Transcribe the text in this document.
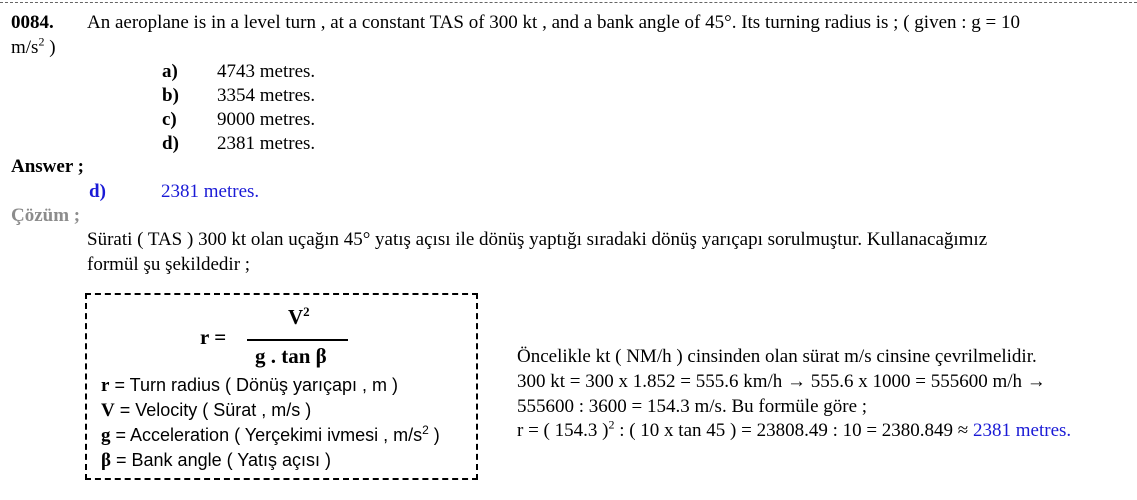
0084. An aeroplane is in a level turn , at a constant TAS of 300 kt , and a bank angle of 45°. Its turning radius is ; ( given : g = 10
$m/s^2$ )
a) 4743 metres.
b) 3354 metres.
c) 9000 metres.
d) 2381 metres.
Answer ;
d)	2381 metres.
Çözüm ;
Sürati ( TAS ) 300 kt olan uçağın 45° yatış açısı ile dönüş yaptığı sıradaki dönüş yarıçapı sorulmuştur. Kullanacağımız
formül şu şekildedir ;
r =
$V^2$
g . tan β
r = Turn radius ( Dönüş yarıçapı , m )
V = Velocity ( Sürat , m/s )
g = Acceleration ( Yerçekimi ivmesi , $m/s^2$ )
β = Bank angle ( Yatış açısı )
Öncelikle kt ( NM/h ) cinsinden olan sürat m/s cinsine çevrilmelidir.
300 kt = 300 x 1.852 = 555.6 km/h → 555.6 x 1000 = 555600 m/h →
555600 : 3600 = 154.3 m/s. Bu formüle göre ;
r = ( 154.3 )$^2$ : ( 10 x tan 45 ) = 23808.49 : 10 = 2380.849 ≈ 2381 metres.
